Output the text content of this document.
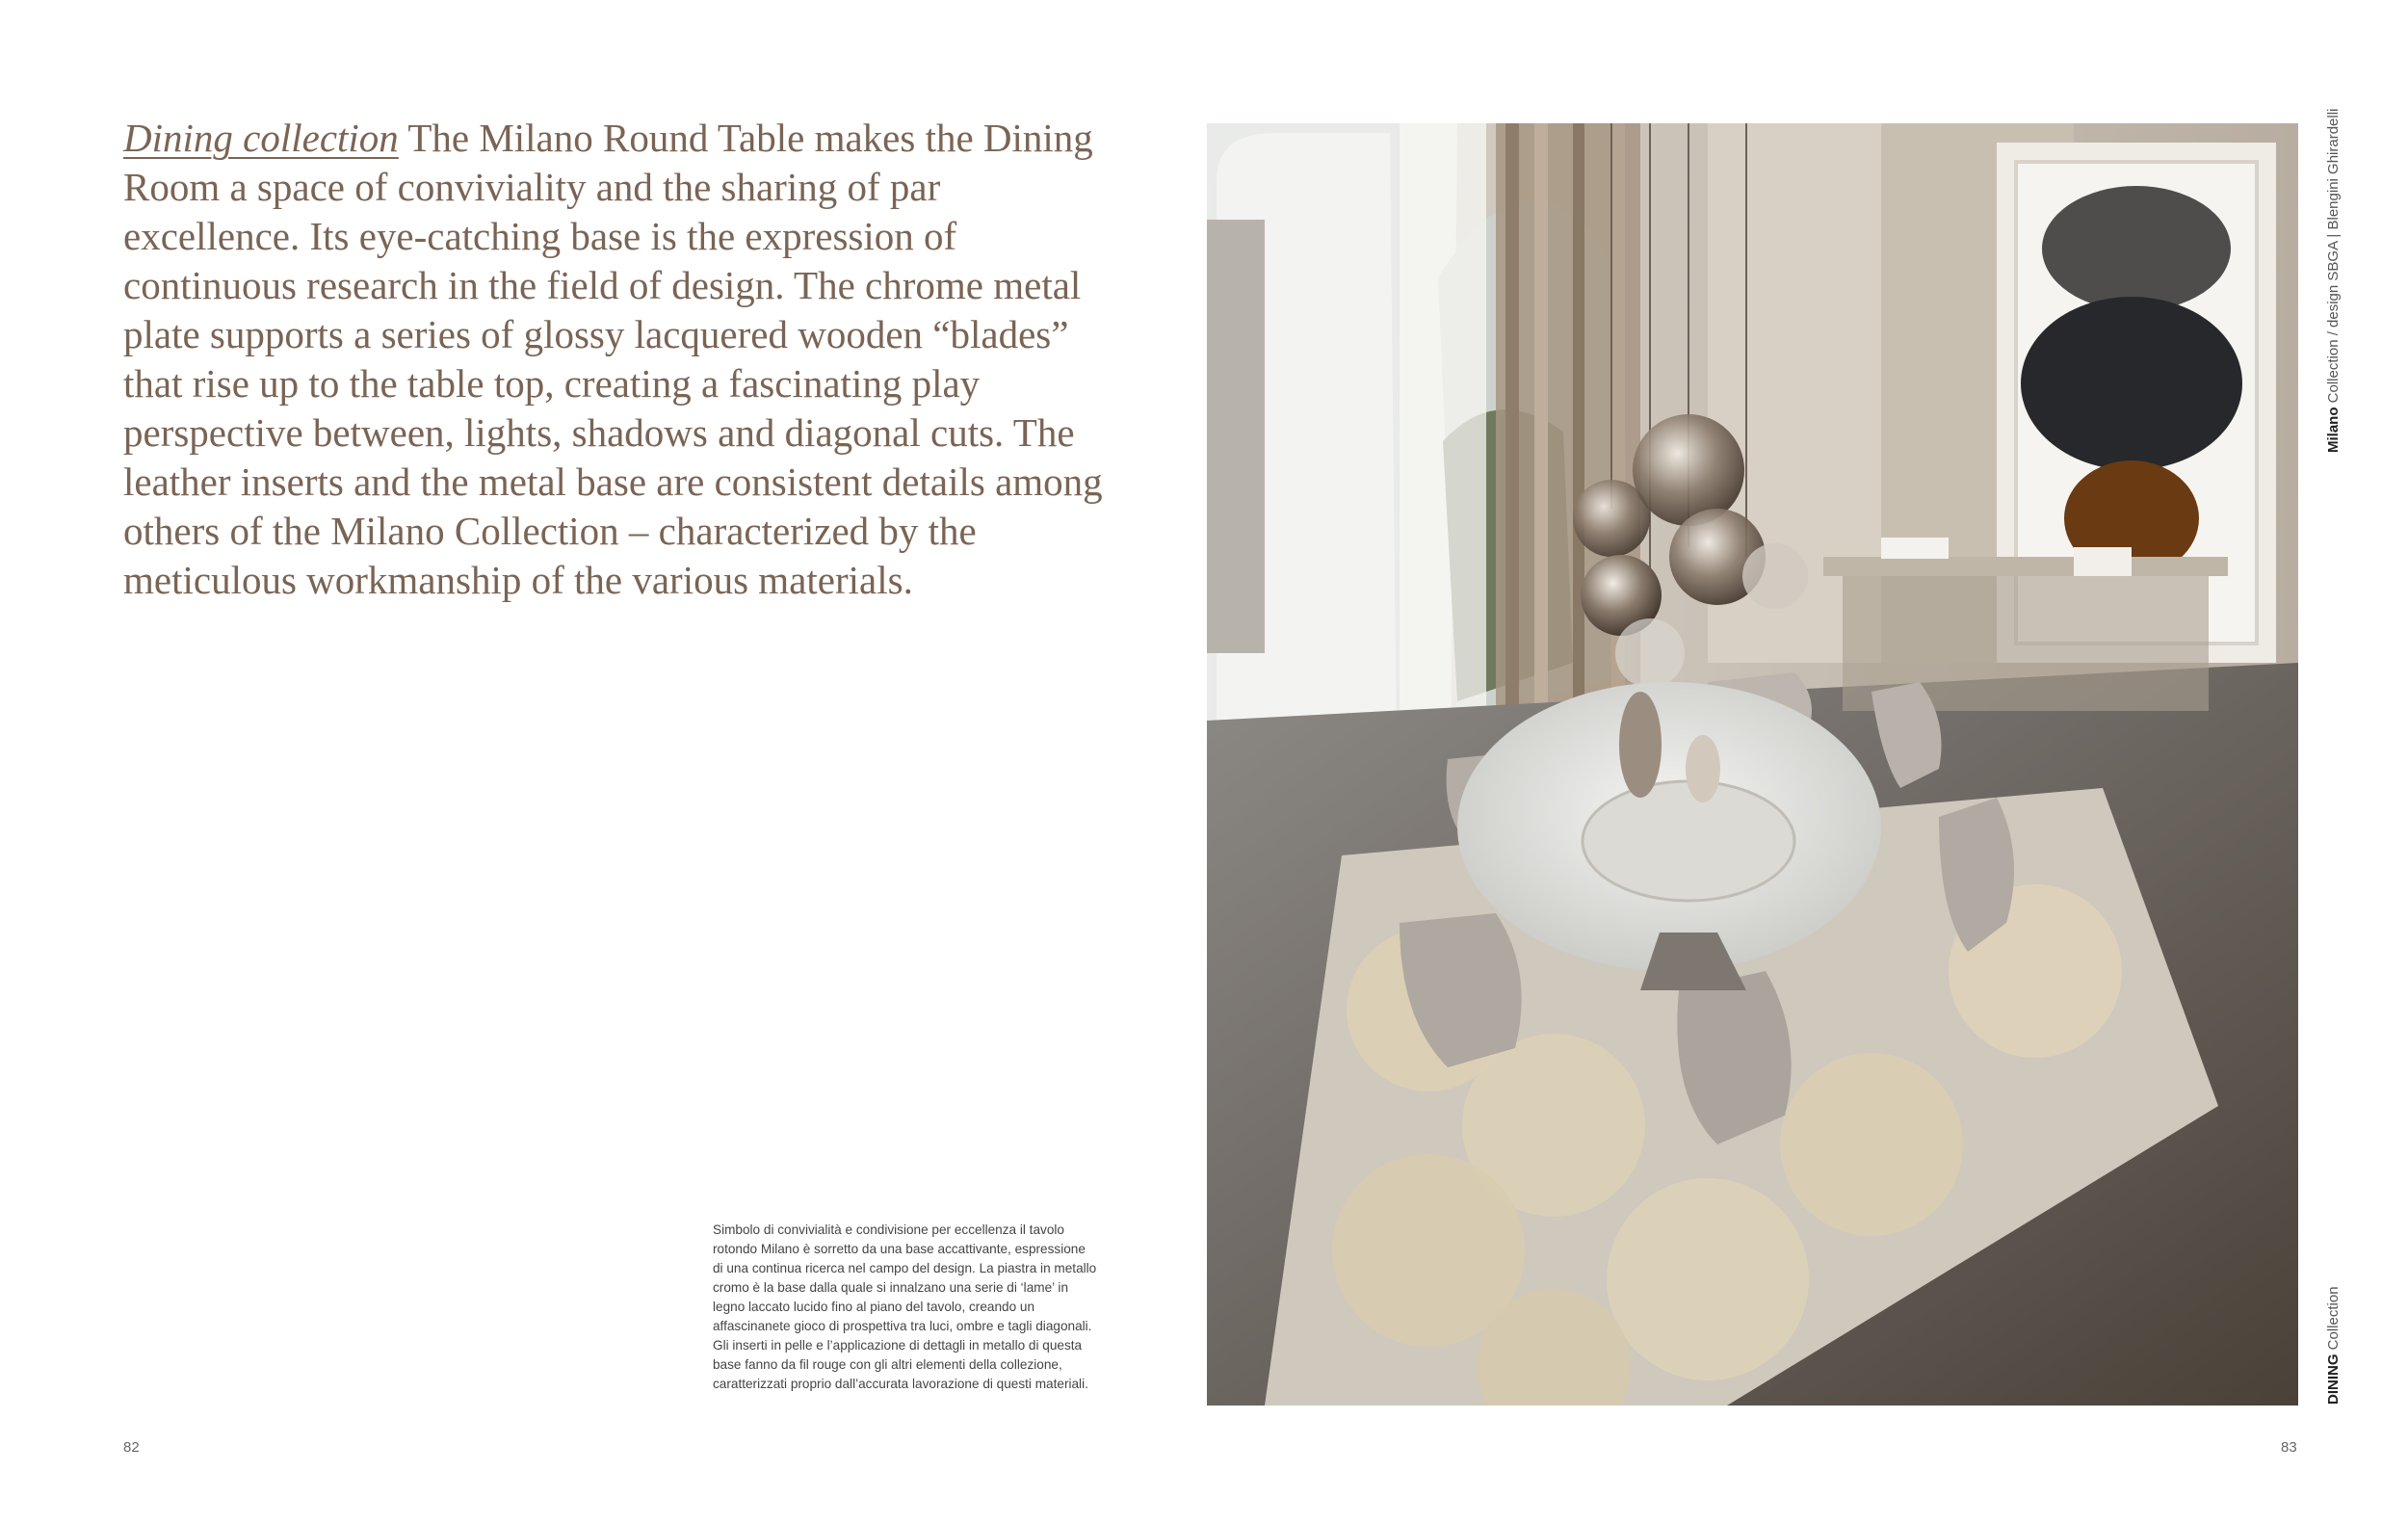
Dining collection The Milano Round Table makes the Dining Room a space of conviviality and the sharing of par excellence. Its eye-catching base is the expression of continuous research in the field of design. The chrome metal plate supports a series of glossy lacquered wooden “blades” that rise up to the table top, creating a fascinating play perspective between, lights, shadows and diagonal cuts. The leather inserts and the metal base are consistent details among others of the Milano Collection – characterized by the meticulous workmanship of the various materials.

Simbolo di convivialità e condivisione per eccellenza il tavolo rotondo Milano è sorretto da una base accattivante, espressione di una continua ricerca nel campo del design. La piastra in metallo cromo è la base dalla quale si innalzano una serie di ‘lame’ in legno laccato lucido fino al piano del tavolo, creando un affascinanete gioco di prospettiva tra luci, ombre e tagli diagonali. Gli inserti in pelle e l’applicazione di dettagli in metallo di questa base fanno da fil rouge con gli altri elementi della collezione, caratterizzati proprio dall’accurata lavorazione di questi materiali.

82
Milano Collection / design SBGA | Blengini Ghirardelli
DINING Collection
83
